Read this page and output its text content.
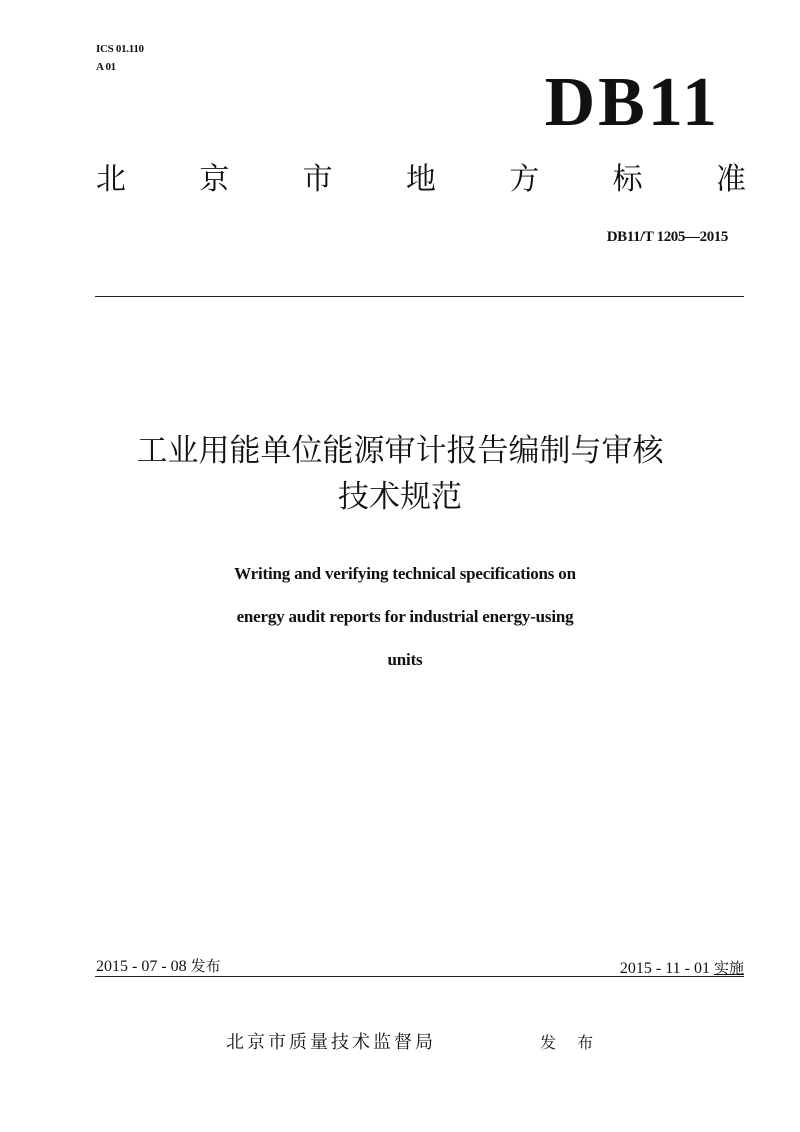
ICS 01.110
A 01	DB11
北 京 市 地 方 标 准
DB11/T 1205—2015
工业用能单位能源审计报告编制与审核
技术规范
Writing and verifying technical specifications on
energy audit reports for industrial energy-using
units
2015 - 07 - 08 发布	2015 - 11 - 01 实施
北京市质量技术监督局	发 布
